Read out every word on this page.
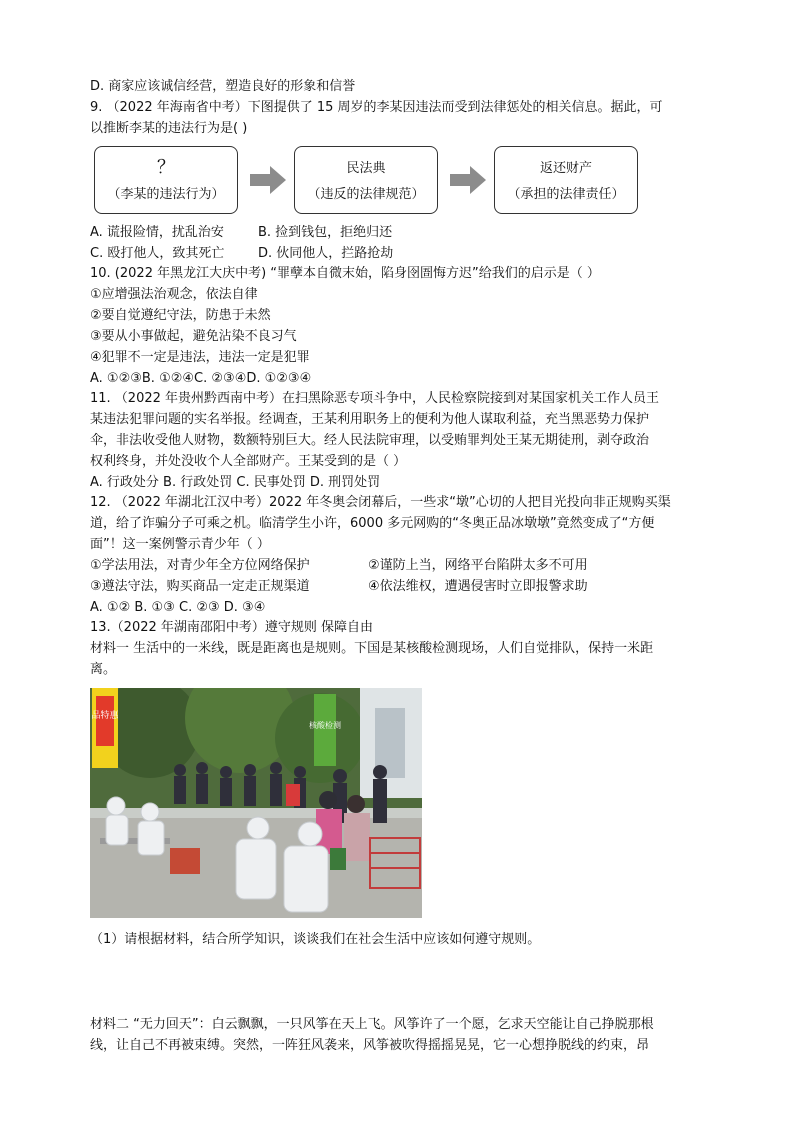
D. 商家应该诚信经营，塑造良好的形象和信誉
9. （2022 年海南省中考）下图提供了 15 周岁的李某因违法而受到法律惩处的相关信息。据此，可
以推断李某的违法行为是( )
？
（李某的违法行为）
民法典
（违反的法律规范）
返还财产
（承担的法律责任）
A. 谎报险情，扰乱治安	B. 捡到钱包，拒绝归还
C. 殴打他人，致其死亡	D. 伙同他人，拦路抢劫
10. (2022 年黑龙江大庆中考) “罪孽本自微末始，陷身囹圄悔方迟”给我们的启示是（ ）
①应增强法治观念，依法自律
②要自觉遵纪守法，防患于未然
③要从小事做起，避免沾染不良习气
④犯罪不一定是违法，违法一定是犯罪
A. ①②③B. ①②④C. ②③④D. ①②③④
11. （2022 年贵州黔西南中考）在扫黑除恶专项斗争中，人民检察院接到对某国家机关工作人员王
某违法犯罪问题的实名举报。经调查，王某利用职务上的便利为他人谋取利益，充当黑恶势力保护
伞，非法收受他人财物，数额特别巨大。经人民法院审理，以受贿罪判处王某无期徒刑，剥夺政治
权利终身，并处没收个人全部财产。王某受到的是（ ）
A. 行政处分 B. 行政处罚 C. 民事处罚 D. 刑罚处罚
12. （2022 年湖北江汉中考）2022 年冬奥会闭幕后，一些求“墩”心切的人把目光投向非正规购买渠
道，给了诈骗分子可乘之机。临清学生小许，6000 多元网购的“冬奥正品冰墩墩”竟然变成了“方便
面”！这一案例警示青少年（ ）
①学法用法，对青少年全方位网络保护	②谨防上当，网络平台陷阱太多不可用
③遵法守法，购买商品一定走正规渠道	④依法维权，遭遇侵害时立即报警求助
A. ①② B. ①③ C. ②③ D. ③④
13.（2022 年湖南邵阳中考）遵守规则 保障自由
材料一 生活中的一米线，既是距离也是规则。下国是某核酸检测现场，人们自觉排队，保持一米距
离。
品特惠
核酸检测
（1）请根据材料，结合所学知识，谈谈我们在社会生活中应该如何遵守规则。
材料二 “无力回天”：白云飘飘，一只风筝在天上飞。风筝许了一个愿，乞求天空能让自己挣脱那根
线，让自己不再被束缚。突然，一阵狂风袭来，风筝被吹得摇摇晃晃，它一心想挣脱线的约束，昂
